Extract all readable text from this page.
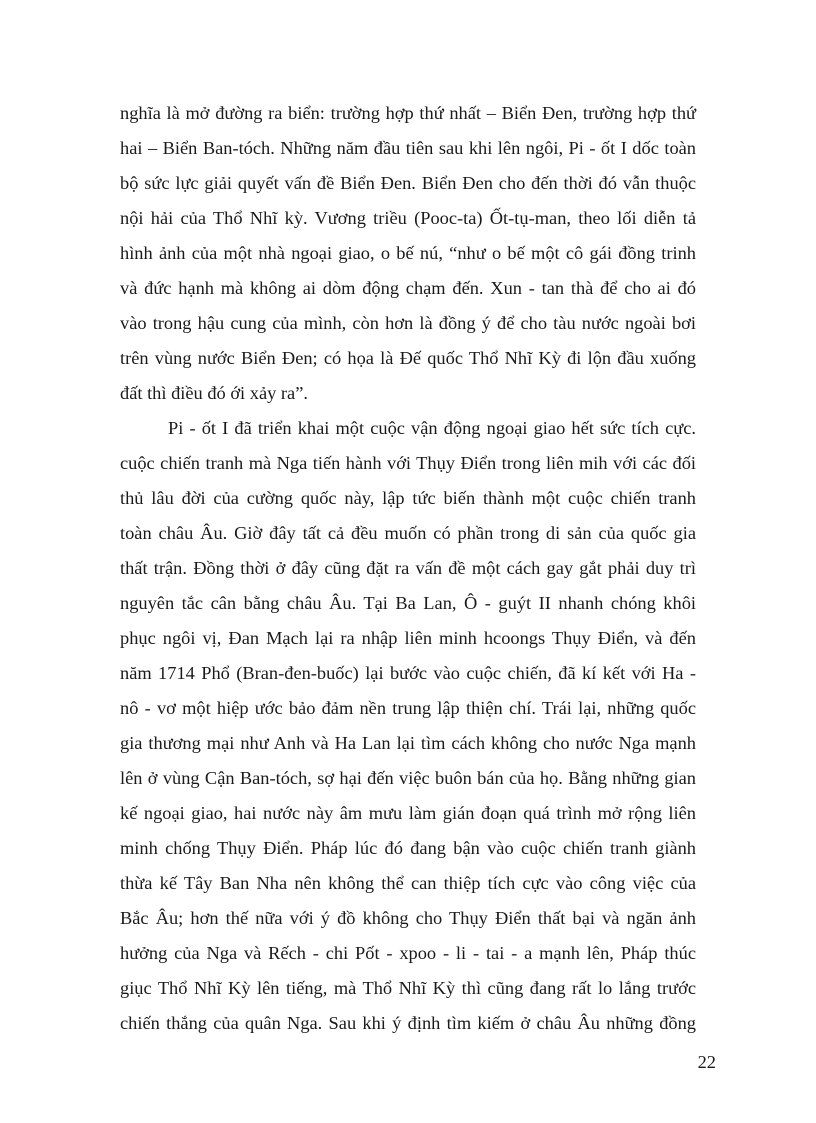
nghĩa là mở đường ra biển: trường hợp thứ nhất – Biển Đen, trường hợp thứ
hai – Biển Ban-tóch. Những năm đầu tiên sau khi lên ngôi, Pi - ốt I dốc toàn
bộ sức lực giải quyết vấn đề Biển Đen. Biển Đen cho đến thời đó vẫn thuộc
nội hải của Thổ Nhĩ kỳ. Vương triều (Pooc-ta) Ốt-tụ-man, theo lối diễn tả
hình ảnh của một nhà ngoại giao, o bế nú, “như o bế một cô gái đồng trinh
và đức hạnh mà không ai dòm động chạm đến. Xun - tan thà để cho ai đó
vào trong hậu cung của mình, còn hơn là đồng ý để cho tàu nước ngoài bơi
trên vùng nước Biển Đen; có họa là Đế quốc Thổ Nhĩ Kỳ đi lộn đầu xuống
đất thì điều đó ới xảy ra”.
Pi - ốt I đã triển khai một cuộc vận động ngoại giao hết sức tích cực.
cuộc chiến tranh mà Nga tiến hành với Thụy Điển trong liên mih với các đối
thủ lâu đời của cường quốc này, lập tức biến thành một cuộc chiến tranh
toàn châu Âu. Giờ đây tất cả đều muốn có phần trong di sản của quốc gia
thất trận. Đồng thời ở đây cũng đặt ra vấn đề một cách gay gắt phải duy trì
nguyên tắc cân bằng châu Âu. Tại Ba Lan, Ô - guýt II nhanh chóng khôi
phục ngôi vị, Đan Mạch lại ra nhập liên minh hcoongs Thụy Điển, và đến
năm 1714 Phổ (Bran-đen-buốc) lại bước vào cuộc chiến, đã kí kết với Ha -
nô - vơ một hiệp ước bảo đảm nền trung lập thiện chí. Trái lại, những quốc
gia thương mại như Anh và Ha Lan lại tìm cách không cho nước Nga mạnh
lên ở vùng Cận Ban-tóch, sợ hại đến việc buôn bán của họ. Bằng những gian
kế ngoại giao, hai nước này âm mưu làm gián đoạn quá trình mở rộng liên
minh chống Thụy Điển. Pháp lúc đó đang bận vào cuộc chiến tranh giành
thừa kế Tây Ban Nha nên không thể can thiệp tích cực vào công việc của
Bắc Âu; hơn thế nữa với ý đồ không cho Thụy Điển thất bại và ngăn ảnh
hưởng của Nga và Rếch - chi Pốt - xpoo - li - tai - a mạnh lên, Pháp thúc
giục Thổ Nhĩ Kỳ lên tiếng, mà Thổ Nhĩ Kỳ thì cũng đang rất lo lắng trước
chiến thắng của quân Nga. Sau khi ý định tìm kiếm ở châu Âu những đồng
22
